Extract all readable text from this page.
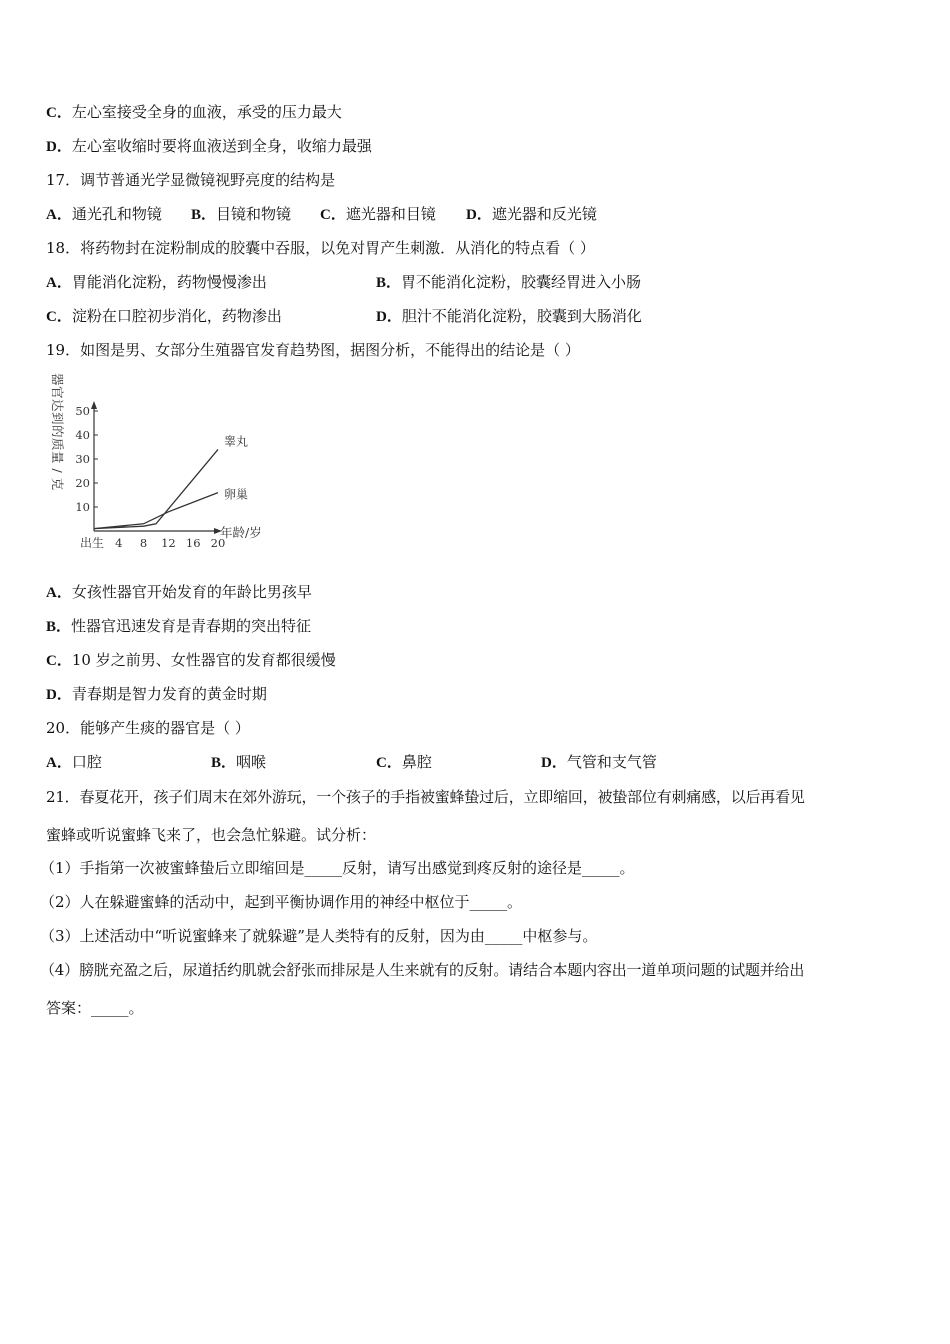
C．左心室接受全身的血液，承受的压力最大
D．左心室收缩时要将血液送到全身，收缩力最强
17．调节普通光学显微镜视野亮度的结构是
A．通光孔和物镜 B．目镜和物镜 C．遮光器和目镜 D．遮光器和反光镜
18．将药物封在淀粉制成的胶囊中吞服，以免对胃产生刺激．从消化的特点看（ ）
A．胃能消化淀粉，药物慢慢渗出	B．胃不能消化淀粉，胶囊经胃进入小肠
C．淀粉在口腔初步消化，药物渗出	D．胆汁不能消化淀粉，胶囊到大肠消化
19．如图是男、女部分生殖器官发育趋势图，据图分析，不能得出的结论是（ ）
器官达到的质量 / 克
年龄/岁
出生
10
20
30
40
50
4 8 12 16 20
睾丸
卵巢
A．女孩性器官开始发育的年龄比男孩早
B．性器官迅速发育是青春期的突出特征
C．10 岁之前男、女性器官的发育都很缓慢
D．青春期是智力发育的黄金时期
20．能够产生痰的器官是（ ）
A．口腔	B．咽喉	C．鼻腔	D．气管和支气管
21．春夏花开，孩子们周末在郊外游玩，一个孩子的手指被蜜蜂蛰过后，立即缩回，被蛰部位有刺痛感，以后再看见
蜜蜂或听说蜜蜂飞来了，也会急忙躲避。试分析：
（1）手指第一次被蜜蜂蛰后立即缩回是_____反射，请写出感觉到疼反射的途径是_____。
（2）人在躲避蜜蜂的活动中，起到平衡协调作用的神经中枢位于_____。
（3）上述活动中“听说蜜蜂来了就躲避”是人类特有的反射，因为由_____中枢参与。
（4）膀胱充盈之后，尿道括约肌就会舒张而排尿是人生来就有的反射。请结合本题内容出一道单项问题的试题并给出
答案：_____。
